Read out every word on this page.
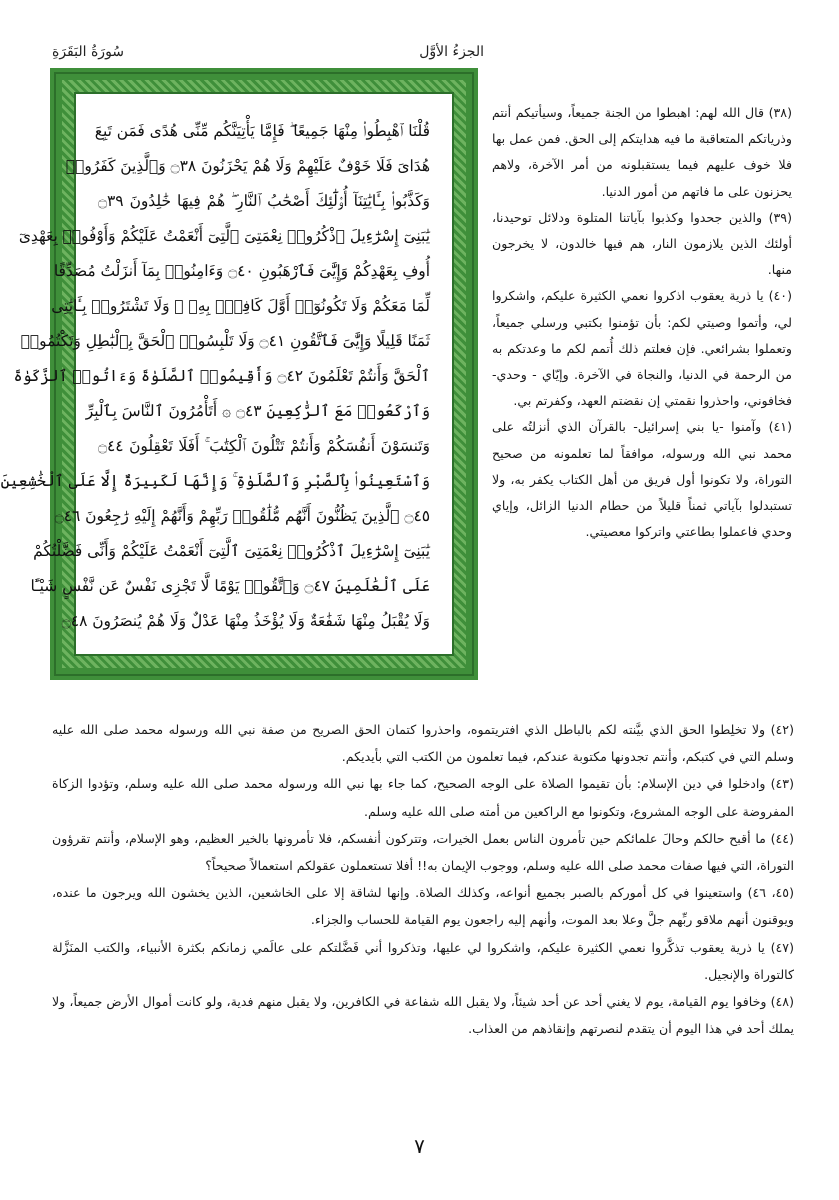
الجزءُ الأوَّل
سُورَةُ البَقَرَةِ
قُلْنَا ٱهْبِطُوا۟ مِنْهَا جَمِيعًا ۖ فَإِمَّا يَأْتِيَنَّكُم مِّنِّى هُدًى فَمَن تَبِعَ
هُدَاىَ فَلَا خَوْفٌ عَلَيْهِمْ وَلَا هُمْ يَحْزَنُونَ ۝٣٨ وَٱلَّذِينَ كَفَرُوا۟
وَكَذَّبُوا۟ بِـَٔايَٰتِنَآ أُو۟لَٰٓئِكَ أَصْحَٰبُ ٱلنَّارِ ۖ هُمْ فِيهَا خَٰلِدُونَ ۝٣٩
يَٰبَنِىٓ إِسْرَٰٓءِيلَ ٱذْكُرُوا۟ نِعْمَتِىَ ٱلَّتِىٓ أَنْعَمْتُ عَلَيْكُمْ وَأَوْفُوا۟ بِعَهْدِىٓ
أُوفِ بِعَهْدِكُمْ وَإِيَّٰىَ فَٱرْهَبُونِ ۝٤٠ وَءَامِنُوا۟ بِمَآ أَنزَلْتُ مُصَدِّقًا
لِّمَا مَعَكُمْ وَلَا تَكُونُوٓا۟ أَوَّلَ كَافِرٍۭ بِهِۦ ۖ وَلَا تَشْتَرُوا۟ بِـَٔايَٰتِى
ثَمَنًا قَلِيلًا وَإِيَّٰىَ فَٱتَّقُونِ ۝٤١ وَلَا تَلْبِسُوا۟ ٱلْحَقَّ بِٱلْبَٰطِلِ وَتَكْتُمُوا۟
ٱلْحَقَّ وَأَنتُمْ تَعْلَمُونَ ۝٤٢ وَأَقِيمُوا۟ ٱلصَّلَوٰةَ وَءَاتُوا۟ ٱلزَّكَوٰةَ
وَٱرْكَعُوا۟ مَعَ ٱلرَّٰكِعِينَ ۝٤٣ ۞ أَتَأْمُرُونَ ٱلنَّاسَ بِٱلْبِرِّ
وَتَنسَوْنَ أَنفُسَكُمْ وَأَنتُمْ تَتْلُونَ ٱلْكِتَٰبَ ۚ أَفَلَا تَعْقِلُونَ ۝٤٤
وَٱسْتَعِينُوا۟ بِٱلصَّبْرِ وَٱلصَّلَوٰةِ ۚ وَإِنَّهَا لَكَبِيرَةٌ إِلَّا عَلَى ٱلْخَٰشِعِينَ
۝٤٥ ٱلَّذِينَ يَظُنُّونَ أَنَّهُم مُّلَٰقُوا۟ رَبِّهِمْ وَأَنَّهُمْ إِلَيْهِ رَٰجِعُونَ ۝٤٦
يَٰبَنِىٓ إِسْرَٰٓءِيلَ ٱذْكُرُوا۟ نِعْمَتِىَ ٱلَّتِىٓ أَنْعَمْتُ عَلَيْكُمْ وَأَنِّى فَضَّلْتُكُمْ
عَلَى ٱلْعَٰلَمِينَ ۝٤٧ وَٱتَّقُوا۟ يَوْمًا لَّا تَجْزِى نَفْسٌ عَن نَّفْسٍ شَيْـًٔا
وَلَا يُقْبَلُ مِنْهَا شَفَٰعَةٌ وَلَا يُؤْخَذُ مِنْهَا عَدْلٌ وَلَا هُمْ يُنصَرُونَ ۝٤٨

(٣٨) قال الله لهم: اهبطوا من الجنة جميعاً، وسيأتيكم أنتم وذرياتكم المتعاقبة ما فيه هدايتكم إلى الحق. فمن عمل بها فلا خوف عليهم فيما يستقبلونه من أمر الآخرة، ولاهم يحزنون على ما فاتهم من أمور الدنيا.

(٣٩) والذين جحدوا وكذبوا بآياتنا المتلوة ودلائل توحيدنا، أولئك الذين يلازمون النار، هم فيها خالدون، لا يخرجون منها.

(٤٠) يا ذرية يعقوب اذكروا نعمي الكثيرة عليكم، واشكروا لي، وأتموا وصيتي لكم: بأن تؤمنوا بكتبي ورسلي جميعاً، وتعملوا بشرائعي. فإن فعلتم ذلك أُتمم لكم ما وعدتكم به من الرحمة في الدنيا، والنجاة في الآخرة. وإيّاي - وحدي- فخافوني، واحذروا نقمتي إن نقضتم العهد، وكفرتم بي.

(٤١) وآمنوا -يا بني إسرائيل- بالقرآن الذي أنزلتُه على محمد نبي الله ورسوله، موافقاً لما تعلمونه من صحيح التوراة، ولا تكونوا أول فريق من أهل الكتاب يكفر به، ولا تستبدلوا بآياتي ثمناً قليلاً من حطام الدنيا الزائل، وإياي وحدي فاعملوا بطاعتي واتركوا معصيتي.

(٤٢) ولا تخلِطوا الحق الذي بيَّنته لكم بالباطل الذي افتريتموه، واحذروا كتمان الحق الصريح من صفة نبي الله ورسوله محمد صلى الله عليه وسلم التي في كتبكم، وأنتم تجدونها مكتوبة عندكم، فيما تعلمون من الكتب التي بأيديكم.

(٤٣) وادخلوا في دين الإسلام: بأن تقيموا الصلاة على الوجه الصحيح، كما جاء بها نبي الله ورسوله محمد صلى الله عليه وسلم، وتؤدوا الزكاة المفروضة على الوجه المشروع، وتكونوا مع الراكعين من أمته صلى الله عليه وسلم.

(٤٤) ما أقبح حالكم وحالَ علمائكم حين تأمرون الناس بعمل الخيرات، وتتركون أنفسكم، فلا تأمرونها بالخير العظيم، وهو الإسلام، وأنتم تقرؤون التوراة، التي فيها صفات محمد صلى الله عليه وسلم، ووجوب الإيمان به!! أفلا تستعملون عقولكم استعمالاً صحيحاً؟

(٤٥، ٤٦) واستعينوا في كل أموركم بالصبر بجميع أنواعه، وكذلك الصلاة. وإنها لشاقة إلا على الخاشعين، الذين يخشون الله ويرجون ما عنده، ويوقنون أنهم ملاقو ربِّهم جلَّ وعلا بعد الموت، وأنهم إليه راجعون يوم القيامة للحساب والجزاء.

(٤٧) يا ذرية يعقوب تذكَّروا نعمي الكثيرة عليكم، واشكروا لي عليها، وتذكروا أني فَضَّلتكم على عالَمي زمانكم بكثرة الأنبياء، والكتب المنَزَّلة كالتوراة والإنجيل.

(٤٨) وخافوا يوم القيامة، يوم لا يغني أحد عن أحد شيئاً، ولا يقبل الله شفاعة في الكافرين، ولا يقبل منهم فدية، ولو كانت أموال الأرض جميعاً، ولا يملك أحد في هذا اليوم أن يتقدم لنصرتهم وإنقاذهم من العذاب.

٧
